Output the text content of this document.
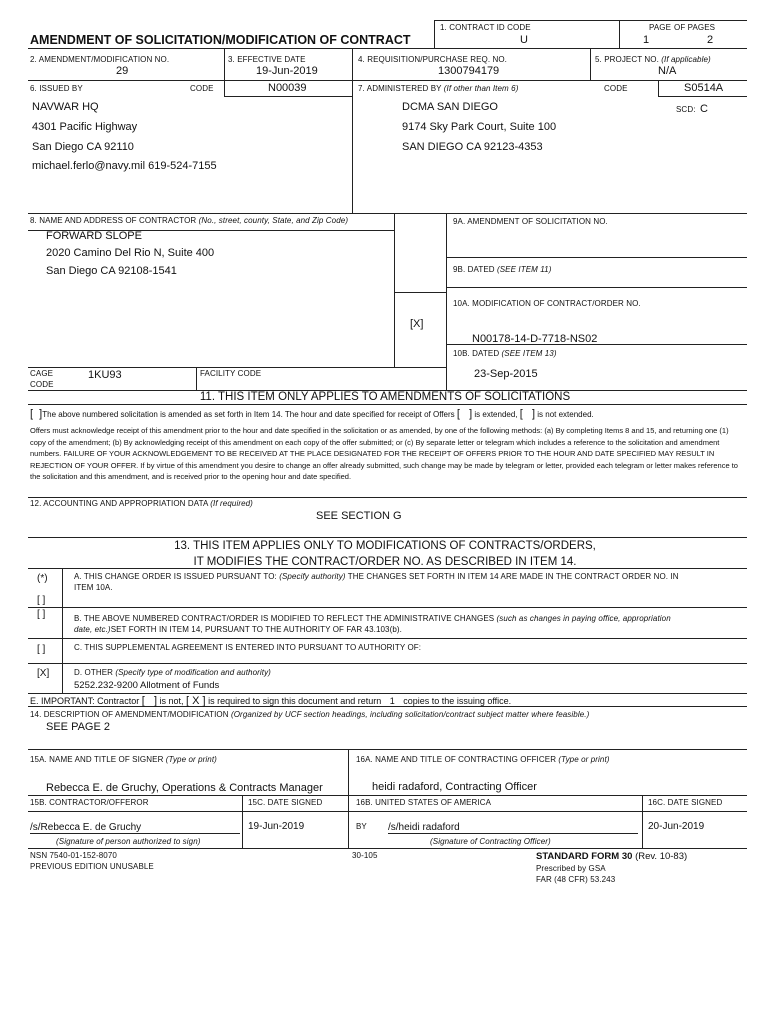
AMENDMENT OF SOLICITATION/MODIFICATION OF CONTRACT
1. CONTRACT ID CODE
U
PAGE OF PAGES
1	2
2. AMENDMENT/MODIFICATION NO.
29
3. EFFECTIVE DATE
19-Jun-2019
4. REQUISITION/PURCHASE REQ. NO.
1300794179
5. PROJECT NO. (If applicable)
N/A
6. ISSUED BY	CODE	N00039	7. ADMINISTERED BY (If other than Item 6)	CODE	S0514A
NAVWAR HQ
4301 Pacific Highway
San Diego CA 92110
michael.ferlo@navy.mil 619-524-7155
DCMA SAN DIEGO
9174 Sky Park Court, Suite 100
SAN DIEGO CA 92123-4353
SCD: C
8. NAME AND ADDRESS OF CONTRACTOR (No., street, county, State, and Zip Code)
FORWARD SLOPE
2020 Camino Del Rio N, Suite 400
San Diego CA 92108-1541
CAGE
CODE
1KU93	FACILITY CODE
9A. AMENDMENT OF SOLICITATION NO.
9B. DATED (SEE ITEM 11)
[X]
10A. MODIFICATION OF CONTRACT/ORDER NO.
N00178-14-D-7718-NS02
10B. DATED (SEE ITEM 13)
23-Sep-2015
11. THIS ITEM ONLY APPLIES TO AMENDMENTS OF SOLICITATIONS
[  ]The above numbered solicitation is amended as set forth in Item 14. The hour and date specified for receipt of Offers [   ] is extended, [   ] is not extended.
Offers must acknowledge receipt of this amendment prior to the hour and date specified in the solicitation or as amended, by one of the following methods: (a) By completing Items 8 and 15, and returning one (1) copy of the amendment; (b) By acknowledging receipt of this amendment on each copy of the offer submitted; or (c) By separate letter or telegram which includes a reference to the solicitation and amendment numbers. FAILURE OF YOUR ACKNOWLEDGEMENT TO BE RECEIVED AT THE PLACE DESIGNATED FOR THE RECEIPT OF OFFERS PRIOR TO THE HOUR AND DATE SPECIFIED MAY RESULT IN REJECTION OF YOUR OFFER. If by virtue of this amendment you desire to change an offer already submitted, such change may be made by telegram or letter, provided each telegram or letter makes reference to the solicitation and this amendment, and is received prior to the opening hour and date specified.
12. ACCOUNTING AND APPROPRIATION DATA (If required)
SEE SECTION G
13. THIS ITEM APPLIES ONLY TO MODIFICATIONS OF CONTRACTS/ORDERS,
IT MODIFIES THE CONTRACT/ORDER NO. AS DESCRIBED IN ITEM 14.
(*)	A. THIS CHANGE ORDER IS ISSUED PURSUANT TO: (Specify authority) THE CHANGES SET FORTH IN ITEM 14 ARE MADE IN THE CONTRACT ORDER NO. IN
ITEM 10A.
[ ]
[ ]	B. THE ABOVE NUMBERED CONTRACT/ORDER IS MODIFIED TO REFLECT THE ADMINISTRATIVE CHANGES (such as changes in paying office, appropriation
date, etc.)SET FORTH IN ITEM 14, PURSUANT TO THE AUTHORITY OF FAR 43.103(b).
[ ]	C. THIS SUPPLEMENTAL AGREEMENT IS ENTERED INTO PURSUANT TO AUTHORITY OF:
[X]	D. OTHER (Specify type of modification and authority)
5252.232-9200 Allotment of Funds
E. IMPORTANT: Contractor [   ] is not, [ X ] is required to sign this document and return 1 copies to the issuing office.
14. DESCRIPTION OF AMENDMENT/MODIFICATION (Organized by UCF section headings, including solicitation/contract subject matter where feasible.)
SEE PAGE 2
15A. NAME AND TITLE OF SIGNER (Type or print)
Rebecca E. de Gruchy, Operations & Contracts Manager
16A. NAME AND TITLE OF CONTRACTING OFFICER (Type or print)
heidi radaford, Contracting Officer
15B. CONTRACTOR/OFFEROR	15C. DATE SIGNED	16B. UNITED STATES OF AMERICA	16C. DATE SIGNED
/s/Rebecca E. de Gruchy	19-Jun-2019	BY /s/heidi radaford	20-Jun-2019
(Signature of person authorized to sign)	(Signature of Contracting Officer)
NSN 7540-01-152-8070
PREVIOUS EDITION UNUSABLE
30-105	STANDARD FORM 30 (Rev. 10-83)
Prescribed by GSA
FAR (48 CFR) 53.243
